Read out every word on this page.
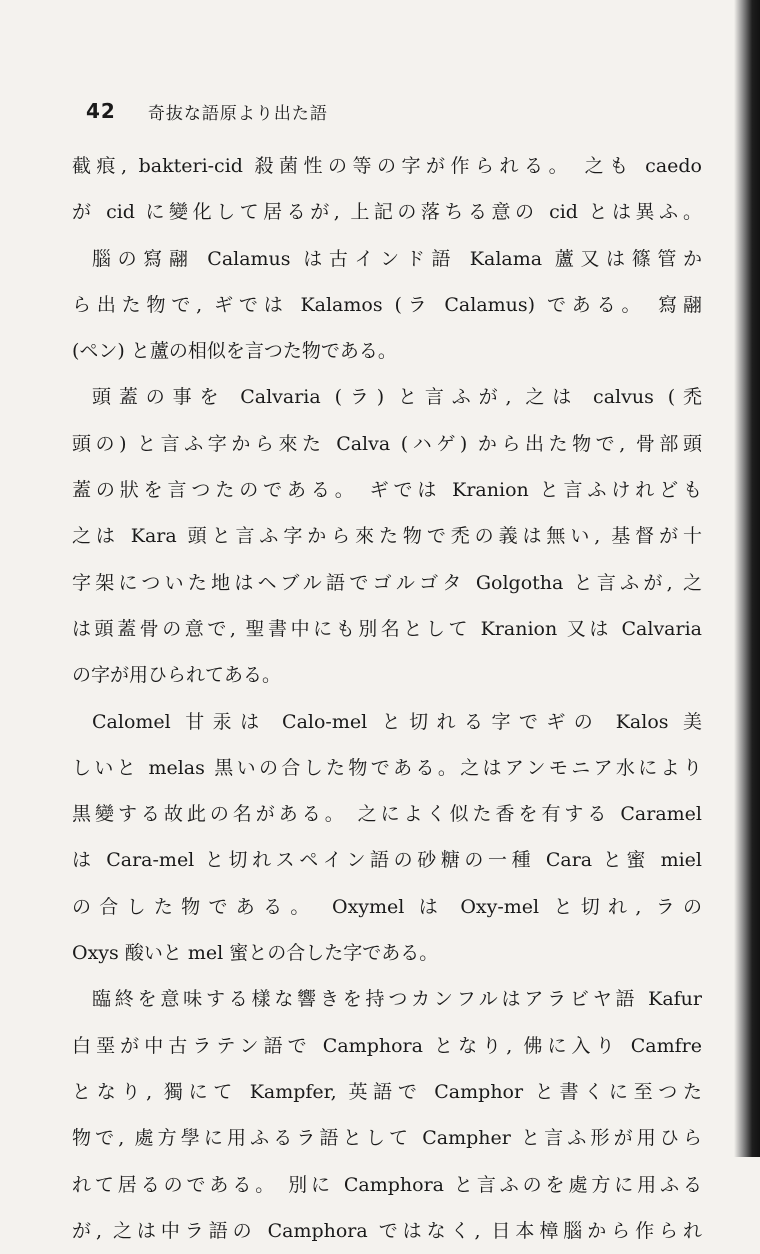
42 奇抜な語原より出た語
截痕, bakteri-cid 殺菌性の等の字が作られる。 之も caedo
が cid に變化して居るが, 上記の落ちる意の cid とは異ふ。
腦の寫翮 Calamus は古インド語 Kalama 蘆又は篠管か
ら出た物で, ギでは Kalamos (ラ Calamus) である。 寫翮
(ペン) と蘆の相似を言つた物である。
頭蓋の事を Calvaria (ラ) と言ふが, 之は calvus (禿
頭の) と言ふ字から來た Calva (ハゲ) から出た物で, 骨部頭
蓋の狀を言つたのである。 ギでは Kranion と言ふけれども
之は Kara 頭と言ふ字から來た物で禿の義は無い, 基督が十
字架についた地はヘブル語でゴルゴタ Golgotha と言ふが, 之
は頭蓋骨の意で, 聖書中にも別名として Kranion 又は Calvaria
の字が用ひられてある。
Calomel 甘汞は Calo-mel と切れる字でギの Kalos 美
しいと melas 黒いの合した物である。之はアンモニア水により
黒變する故此の名がある。 之によく似た香を有する Caramel
は Cara-mel と切れスペイン語の砂糖の一種 Cara と蜜 miel
の合した物である。 Oxymel は Oxy-mel と切れ, ラの
Oxys 酸いと mel 蜜との合した字である。
臨終を意味する樣な響きを持つカンフルはアラビヤ語 Kafur
白堊が中古ラテン語で Camphora となり, 佛に入り Camfre
となり, 獨にて Kampfer, 英語で Camphor と書くに至つた
物で, 處方學に用ふるラ語として Campher と言ふ形が用ひら
れて居るのである。 別に Camphora と言ふのを處方に用ふる
が, 之は中ラ語の Camphora ではなく, 日本樟腦から作られ
